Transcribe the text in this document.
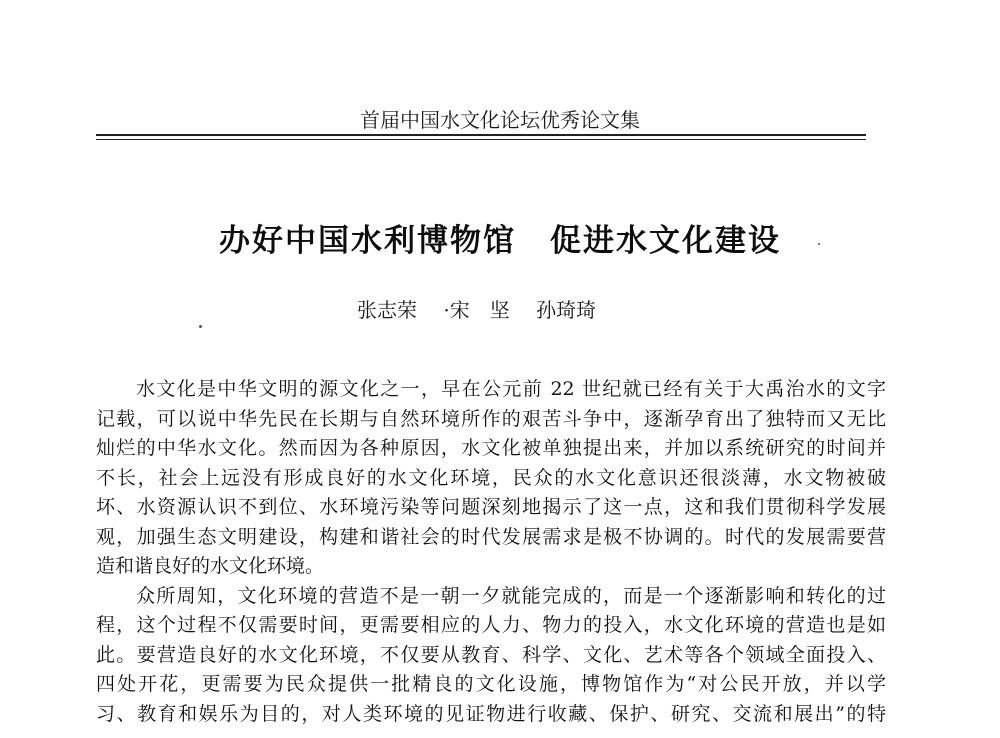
首届中国水文化论坛优秀论文集
办好中国水利博物馆 促进水文化建设
张志荣 ·宋　坚 孙琦琦
水文化是中华文明的源文化之一，早在公元前 22 世纪就已经有关于大禹治水的文字
记载，可以说中华先民在长期与自然环境所作的艰苦斗争中，逐渐孕育出了独特而又无比
灿烂的中华水文化。然而因为各种原因，水文化被单独提出来，并加以系统研究的时间并
不长，社会上远没有形成良好的水文化环境，民众的水文化意识还很淡薄，水文物被破
坏、水资源认识不到位、水环境污染等问题深刻地揭示了这一点，这和我们贯彻科学发展
观，加强生态文明建设，构建和谐社会的时代发展需求是极不协调的。时代的发展需要营
造和谐良好的水文化环境。
众所周知，文化环境的营造不是一朝一夕就能完成的，而是一个逐渐影响和转化的过
程，这个过程不仅需要时间，更需要相应的人力、物力的投入，水文化环境的营造也是如
此。要营造良好的水文化环境，不仅要从教育、科学、文化、艺术等各个领域全面投入、
四处开花，更需要为民众提供一批精良的文化设施，博物馆作为“对公民开放，并以学
习、教育和娱乐为目的，对人类环境的见证物进行收藏、保护、研究、交流和展出”的特
